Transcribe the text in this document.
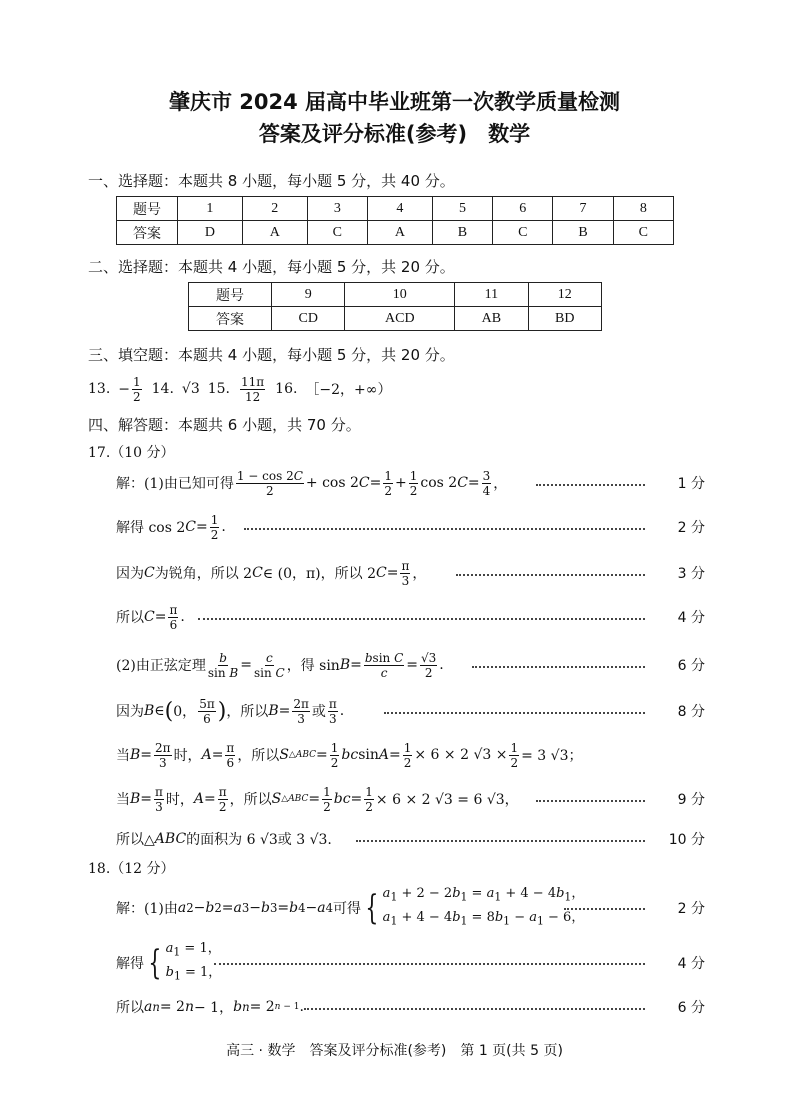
肇庆市 2024 届高中毕业班第一次教学质量检测
答案及评分标准(参考)　数学
一、选择题：本题共 8 小题，每小题 5 分，共 40 分。
题号	1	2	3	4	5	6	7	8
答案	D	A	C	A	B	C	B	C
二、选择题：本题共 4 小题，每小题 5 分，共 20 分。
题号	9	10	11	12
答案	CD	ACD	AB	BD
三、填空题：本题共 4 小题，每小题 5 分，共 20 分。
13. − $\frac{1}{2} 14$. √3 15. $\frac{11\pi}{12} 16$. ［−2，+∞）
四、解答题：本题共 6 小题，共 70 分。
17.（10 分）
解：(1)由已知可得 $\frac{1 - \cos 2C}{2} + \cos 2$ $C = \frac{1}{2} + \frac{1}{2}$ cos 2 $C = \frac{3}{4}$ ，	1 分
解得 cos 2 $C = \frac{1}{2}$ .	2 分
因为 C 为锐角，所以 2 C ∈ (0，π)，所以 2 $C = \frac{\pi}{3}$ ，	3 分
所以 $C = \frac{\pi}{6}$ .	4 分
(2)由正弦定理 $\frac{b}{\text{sin B}} = \frac{c}{\text{sin C}}$ ，得 $\sin B = \frac{\text{bsin C}}{c} = \frac{√3}{2}$ .	6 分
因为 B ∈ ( 0， $\frac{5\pi}{6}$ ) ，所以 $B = \frac{2\pi}{3}$ 或 $\frac{\pi}{3}$ .	8 分
当 $B = \frac{2\pi}{3}$ 时， $A = \frac{\pi}{6}$ ，所以 S △ABC = $\frac{1}{2}$ bc $\sin A = \frac{1}{2} \times 6 \times 2$ $√3 \times \frac{1}{2} = 3$ √3；
当 $B = \frac{\pi}{3}$ 时， $A = \frac{\pi}{2}$ ，所以 S △ABC = $\frac{1}{2}$ bc = $\frac{1}{2} \times 6 \times 2$ √3 = 6 √3，	9 分
所以△ ABC 的面积为 6 √3或 3 √3.	10 分
18.（12 分）
解：(1)由 a 2 − b 2 = a 3 − b 3 = b 4 − a 4 可得 { $a_1 + 2 - 2b_1 = a_1 + 4 - 4b_1$，
$a_1 + 4 - 4b_1 = 8b_1 - a_1 - 6$，
2 分
解得 { $a_1 = 1$，
$b_1 = 1$，
4 分
所以 a n = 2 n − 1， b n = 2 n − 1 .	6 分
高三 · 数学　答案及评分标准(参考)　第 1 页(共 5 页)
